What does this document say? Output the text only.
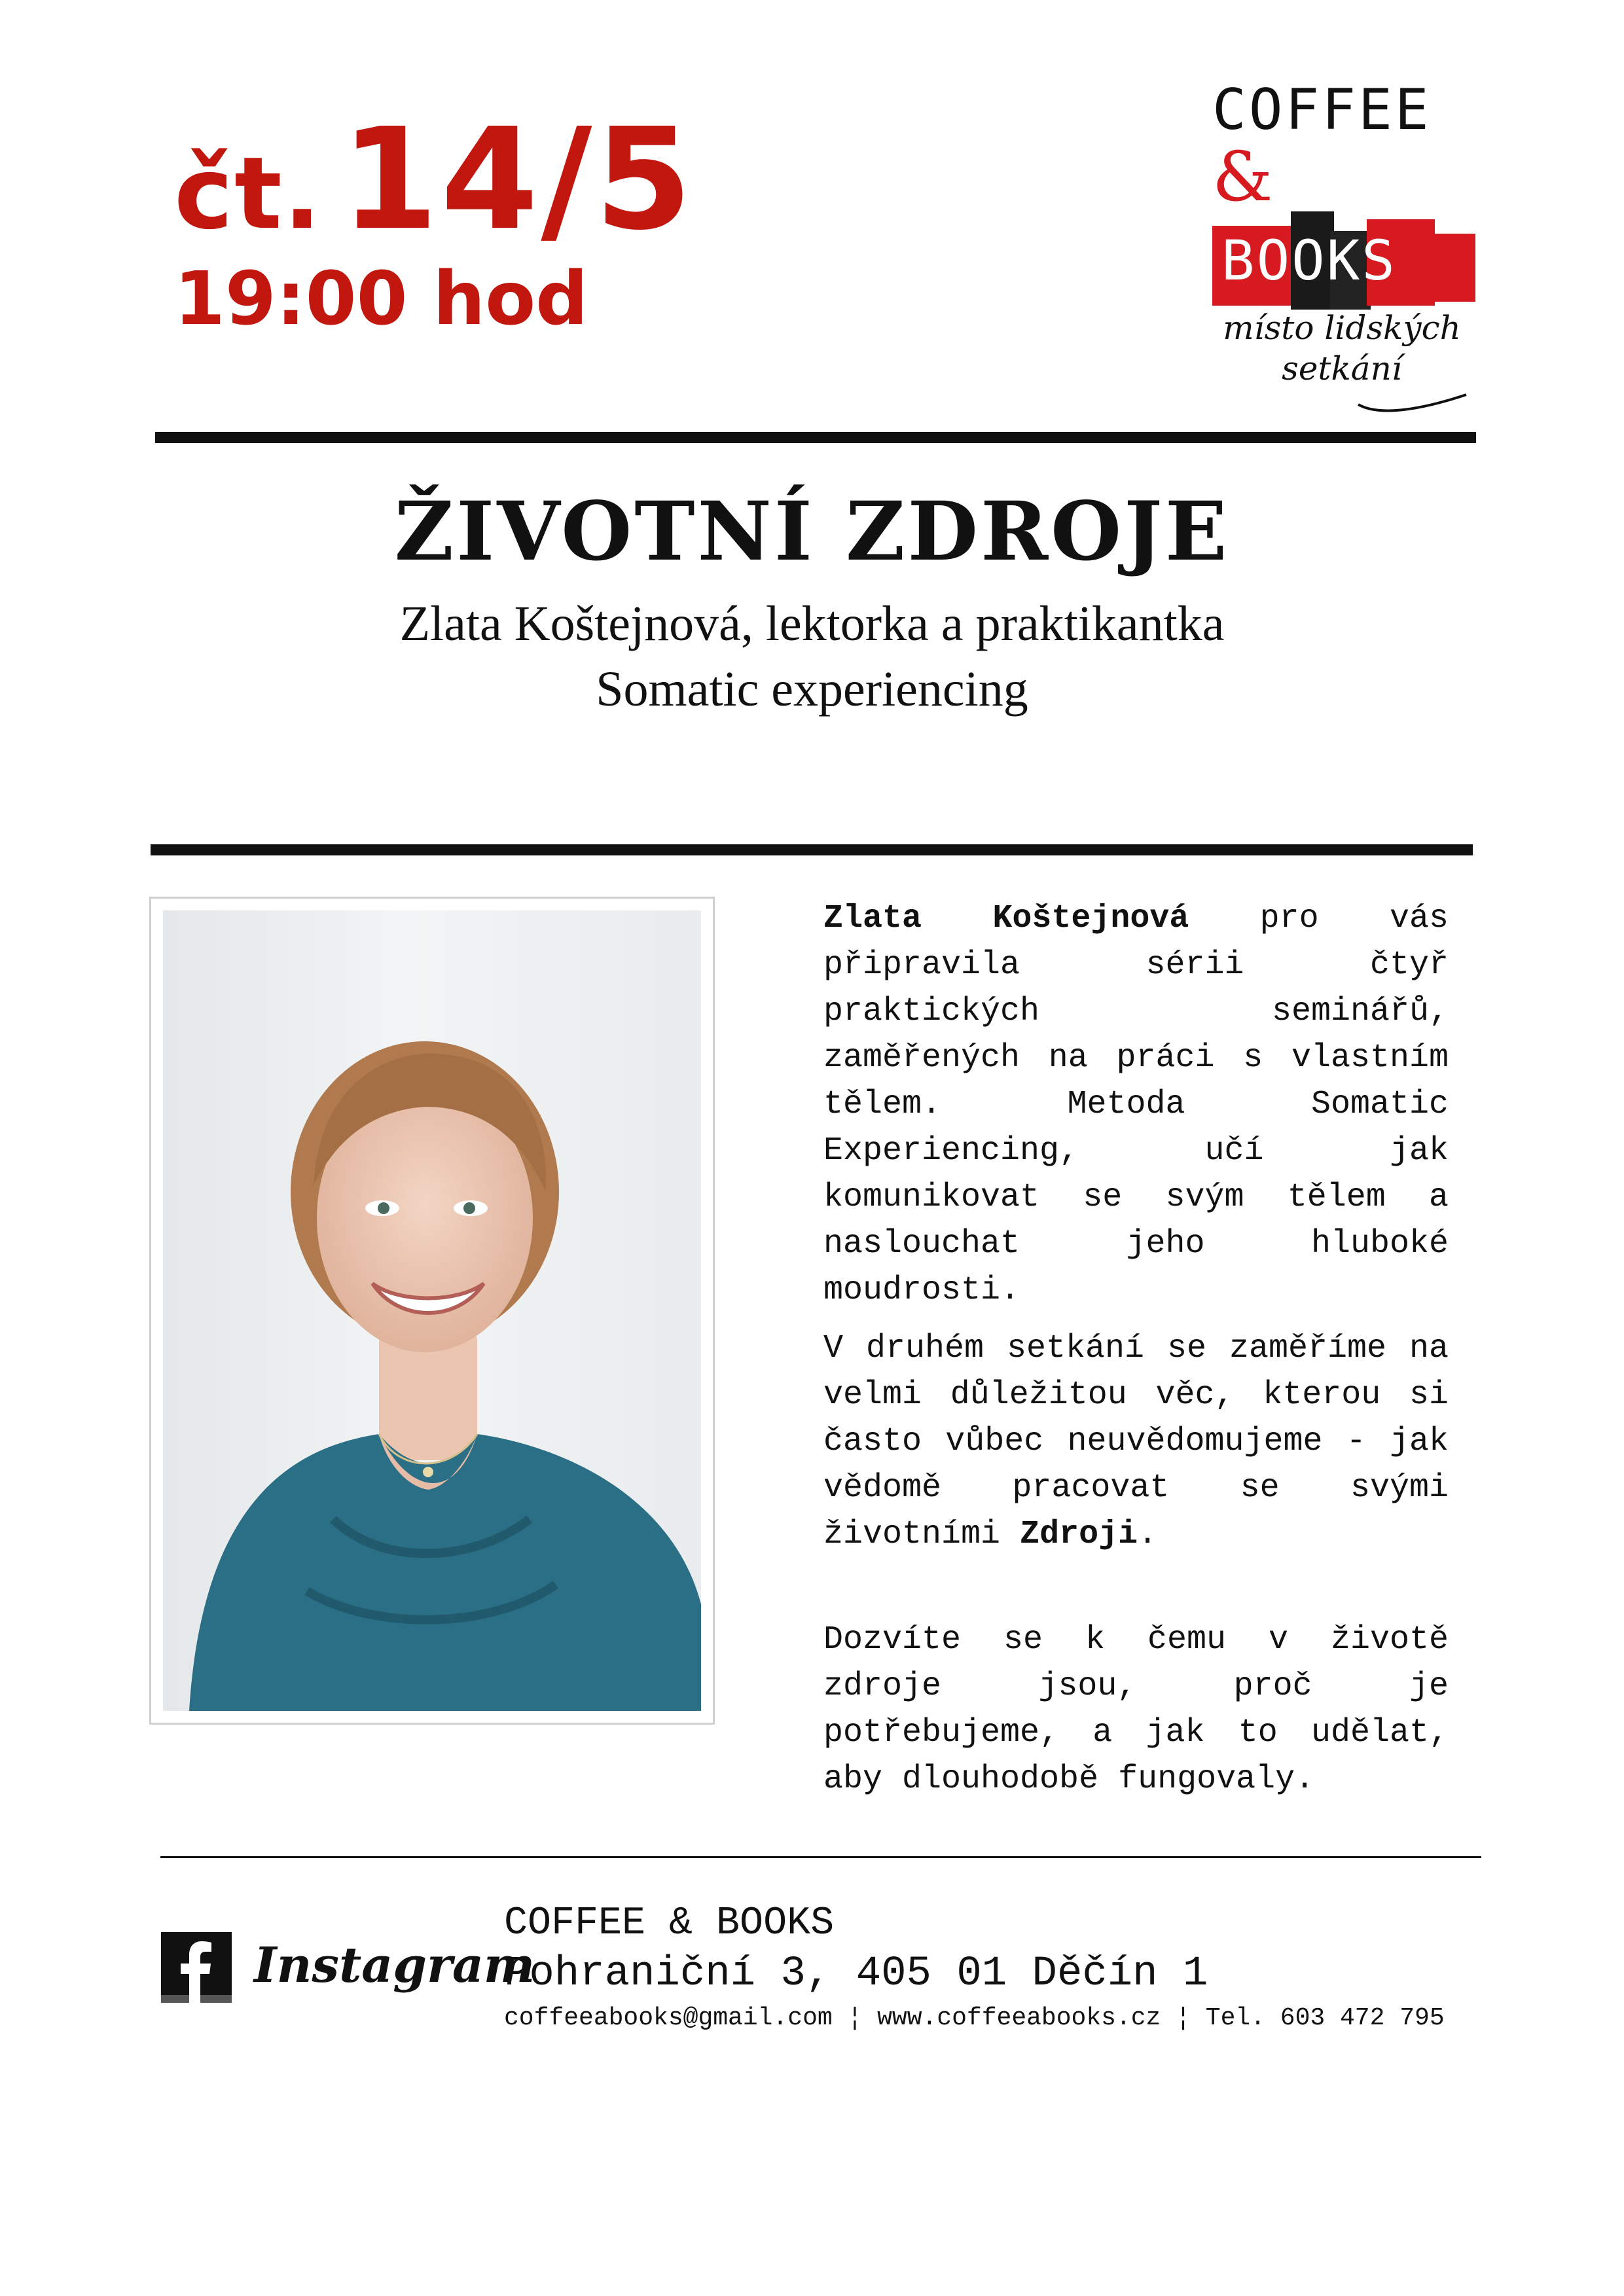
čt. 14/5
19:00 hod
COFFEE
&
BOOKS
místo lidských setkání
ŽIVOTNÍ ZDROJE
Zlata Koštejnová, lektorka a praktikantka
Somatic experiencing
Zlata Koštejnová pro vás připravila sérii čtyř praktických seminářů, zaměřených na práci s vlastním tělem. Metoda Somatic Experiencing, učí jak komunikovat se svým tělem a naslouchat jeho hluboké moudrosti.
V druhém setkání se zaměříme na velmi důležitou věc, kterou si často vůbec neuvědomujeme - jak vědomě pracovat se svými životními Zdroji.
Dozvíte se k čemu v životě zdroje jsou, proč je potřebujeme, a jak to udělat, aby dlouhodobě fungovaly.
Instagram
COFFEE & BOOKS
Pohraniční 3, 405 01 Děčín 1
coffeeabooks@gmail.com ¦ www.coffeeabooks.cz ¦ Tel. 603 472 795
